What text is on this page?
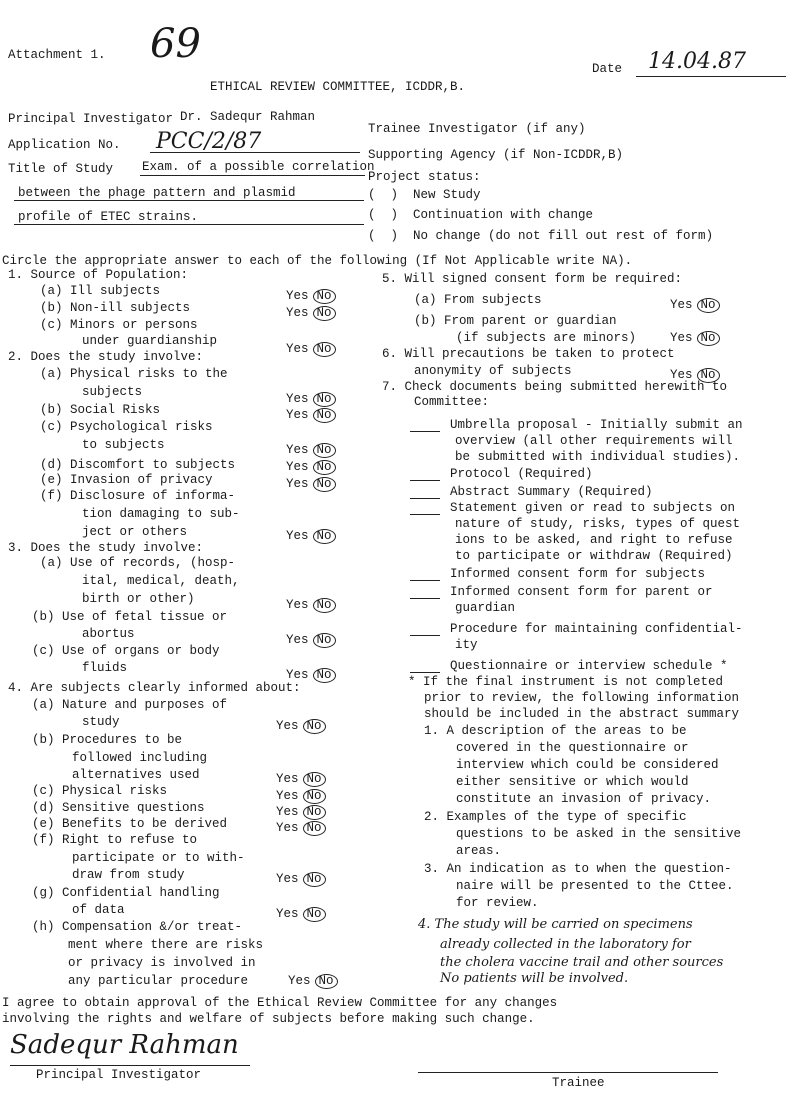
Attachment 1. 69
Date 14.04.87
ETHICAL REVIEW COMMITTEE, ICDDR,B.
Principal Investigator Dr. Sadequr Rahman
Application No. PCC/2/87
Title of Study Exam. of a possible correlation
between the phage pattern and plasmid
profile of ETEC strains.
Trainee Investigator (if any)
Supporting Agency (if Non-ICDDR,B)
Project status:
(  )  New Study
(  )  Continuation with change
(  )  No change (do not fill out rest of form)
Circle the appropriate answer to each of the following (If Not Applicable write NA).
1. Source of Population:
(a) Ill subjects	Yes No
(b) Non-ill subjects	Yes No
(c) Minors or persons
under guardianship
Yes No
2. Does the study involve:
(a) Physical risks to the
subjects	Yes No
(b) Social Risks	Yes No
(c) Psychological risks
to subjects	Yes No
(d) Discomfort to subjects	Yes No
(e) Invasion of privacy	Yes No
(f) Disclosure of informa-
tion damaging to sub-
ject or others	Yes No
3. Does the study involve:
(a) Use of records, (hosp-
ital, medical, death,
birth or other)	Yes No
(b) Use of fetal tissue or
abortus	Yes No
(c) Use of organs or body
fluids	Yes No
4. Are subjects clearly informed about:
(a) Nature and purposes of
study	Yes No
(b) Procedures to be
followed including
alternatives used	Yes No
(c) Physical risks	Yes No
(d) Sensitive questions	Yes No
(e) Benefits to be derived	Yes No
(f) Right to refuse to
participate or to with-
draw from study	Yes No
(g) Confidential handling
of data	Yes No
(h) Compensation &/or treat-
ment where there are risks
or privacy is involved in
any particular procedure	Yes No
5. Will signed consent form be required:
(a) From subjects	Yes No
(b) From parent or guardian
(if subjects are minors)	Yes No
6. Will precautions be taken to protect
anonymity of subjects	Yes No
7. Check documents being submitted herewith to
Committee:
Umbrella proposal - Initially submit an
overview (all other requirements will
be submitted with individual studies).
Protocol (Required)
Abstract Summary (Required)
Statement given or read to subjects on
nature of study, risks, types of quest
ions to be asked, and right to refuse
to participate or withdraw (Required)
Informed consent form for subjects
Informed consent form for parent or
guardian
Procedure for maintaining confidential-
ity
Questionnaire or interview schedule *
* If the final instrument is not completed
prior to review, the following information
should be included in the abstract summary
1. A description of the areas to be
covered in the questionnaire or
interview which could be considered
either sensitive or which would
constitute an invasion of privacy.
2. Examples of the type of specific
questions to be asked in the sensitive
areas.
3. An indication as to when the question-
naire will be presented to the Cttee.
for review.
4. The study will be carried on specimens
already collected in the laboratory for
the cholera vaccine trail and other sources
No patients will be involved.
I agree to obtain approval of the Ethical Review Committee for any changes
involving the rights and welfare of subjects before making such change.
Sadequr Rahman
Principal Investigator
Trainee
